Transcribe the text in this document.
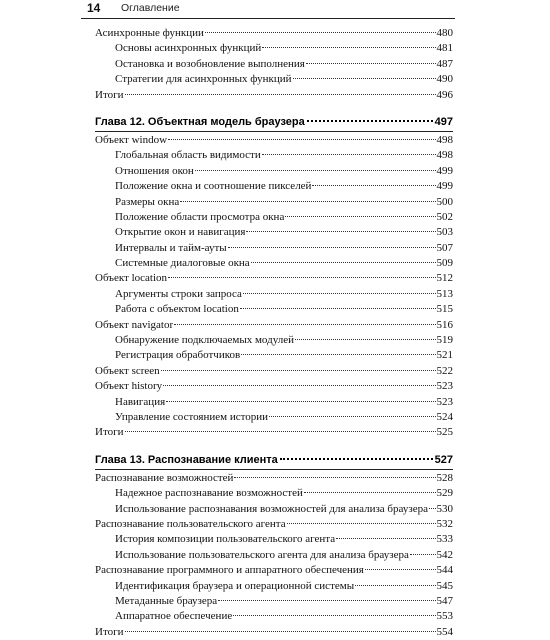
14 Оглавление
Асинхронные функции	480
Основы асинхронных функций	481
Остановка и возобновление выполнения	487
Стратегии для асинхронных функций	490
Итоги	496
Глава 12. Объектная модель браузера	497
Объект window	498
Глобальная область видимости	498
Отношения окон	499
Положение окна и соотношение пикселей	499
Размеры окна	500
Положение области просмотра окна	502
Открытие окон и навигация	503
Интервалы и тайм-ауты	507
Системные диалоговые окна	509
Объект location	512
Аргументы строки запроса	513
Работа с объектом location	515
Объект navigator	516
Обнаружение подключаемых модулей	519
Регистрация обработчиков	521
Объект screen	522
Объект history	523
Навигация	523
Управление состоянием истории	524
Итоги	525
Глава 13. Распознавание клиента	527
Распознавание возможностей	528
Надежное распознавание возможностей	529
Использование распознавания возможностей для анализа браузера 530
Распознавание пользовательского агента	532
История композиции пользовательского агента	533
Использование пользовательского агента для анализа браузера	542
Распознавание программного и аппаратного обеспечения	544
Идентификация браузера и операционной системы	545
Метаданные браузера	547
Аппаратное обеспечение	553
Итоги	554
